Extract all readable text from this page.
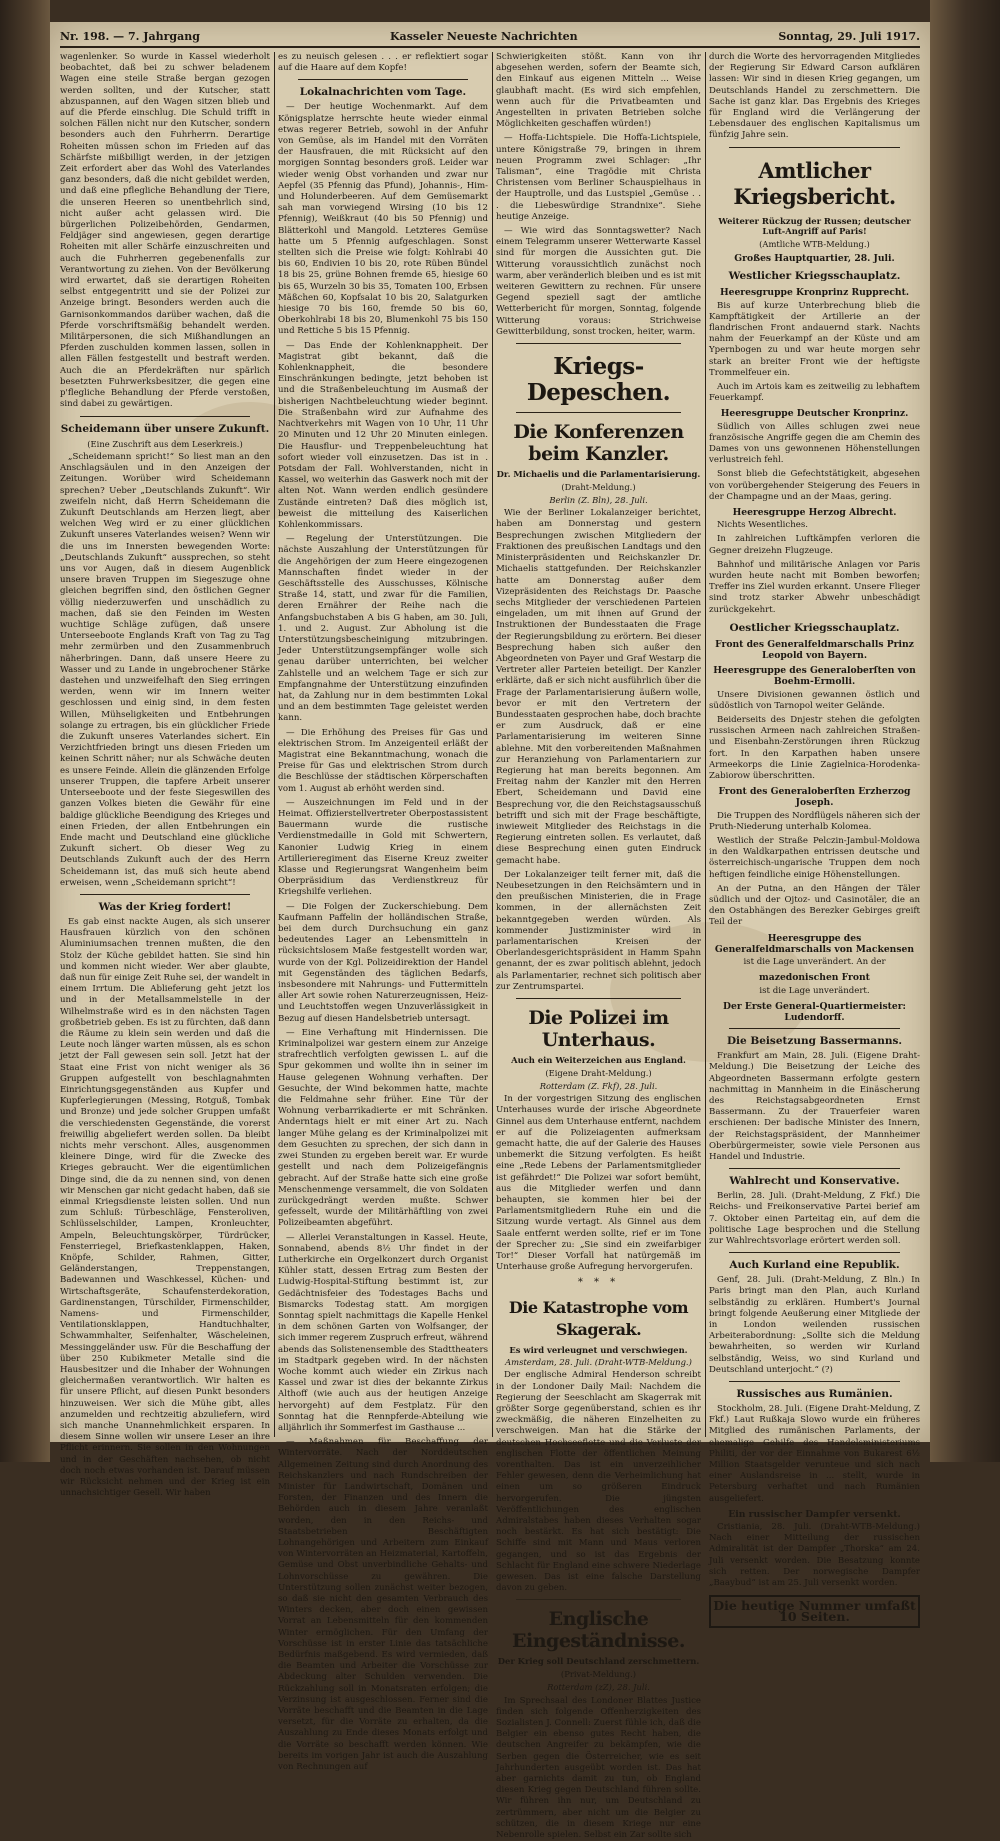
Nr. 198. — 7. Jahrgang	Kasseler Neueste Nachrichten	Sonntag, 29. Juli 1917.

wagenlenker. So wurde in Kassel wiederholt beobachtet, daß bei zu schwer beladenem Wagen eine steile Straße bergan gezogen werden sollten, und der Kutscher, statt abzuspannen, auf den Wagen sitzen blieb und auf die Pferde einschlug. Die Schuld trifft in solchen Fällen nicht nur den Kutscher, sondern besonders auch den Fuhrherrn. Derartige Roheiten müssen schon im Frieden auf das Schärfste mißbilligt werden, in der jetzigen Zeit erfordert aber das Wohl des Vaterlandes ganz besonders, daß die nicht gebildet werden, und daß eine pflegliche Behandlung der Tiere, die unseren Heeren so unentbehrlich sind, nicht außer acht gelassen wird. Die bürgerlichen Polizeibehörden, Gendarmen, Feldjäger sind angewiesen, gegen derartige Roheiten mit aller Schärfe einzuschreiten und auch die Fuhrherren gegebenenfalls zur Verantwortung zu ziehen. Von der Bevölkerung wird erwartet, daß sie derartigen Roheiten selbst entgegentritt und sie der Polizei zur Anzeige bringt. Besonders werden auch die Garnisonkommandos darüber wachen, daß die Pferde vorschriftsmäßig behandelt werden. Militärpersonen, die sich Mißhandlungen an Pferden zuschulden kommen lassen, sollen in allen Fällen festgestellt und bestraft werden. Auch die an Pferdekräften nur spärlich besetzten Fuhrwerksbesitzer, die gegen eine p'flegliche Behandlung der Pferde verstoßen, sind dabei zu gewärtigen.

Scheidemann über unsere Zukunft.
(Eine Zuschrift aus dem Leserkreis.)

„Scheidemann spricht!“ So liest man an den Anschlagsäulen und in den Anzeigen der Zeitungen. Worüber wird Scheidemann sprechen? Ueber „Deutschlands Zukunft“. Wir zweifeln nicht, daß Herrn Scheidemann die Zukunft Deutschlands am Herzen liegt, aber welchen Weg wird er zu einer glücklichen Zukunft unseres Vaterlandes weisen? Wenn wir die uns im Innersten bewegenden Worte: „Deutschlands Zukunft“ aussprechen, so steht uns vor Augen, daß in diesem Augenblick unsere braven Truppen im Siegeszuge ohne gleichen begriffen sind, den östlichen Gegner völlig niederzuwerfen und unschädlich zu machen, daß sie den Feinden im Westen wuchtige Schläge zufügen, daß unsere Unterseeboote Englands Kraft von Tag zu Tag mehr zermürben und den Zusammenbruch näherbringen. Dann, daß unsere Heere zu Wasser und zu Lande in ungebrochener Stärke dastehen und unzweifelhaft den Sieg erringen werden, wenn wir im Innern weiter geschlossen und einig sind, in dem festen Willen, Mühseligkeiten und Entbehrungen solange zu ertragen, bis ein glücklicher Friede die Zukunft unseres Vaterlandes sichert. Ein Verzichtfrieden bringt uns diesen Frieden um keinen Schritt näher; nur als Schwäche deuten es unsere Feinde. Allein die glänzenden Erfolge unserer Truppen, die tapfere Arbeit unserer Unterseeboote und der feste Siegeswillen des ganzen Volkes bieten die Gewähr für eine baldige glückliche Beendigung des Krieges und einen Frieden, der allen Entbehrungen ein Ende macht und Deutschland eine glückliche Zukunft sichert. Ob dieser Weg zu Deutschlands Zukunft auch der des Herrn Scheidemann ist, das muß sich heute abend erweisen, wenn „Scheidemann spricht“!

Was der Krieg fordert!

Es gab einst nackte Augen, als sich unserer Hausfrauen kürzlich von den schönen Aluminiumsachen trennen mußten, die den Stolz der Küche gebildet hatten. Sie sind hin und kommen nicht wieder. Wer aber glaubte, daß nun für einige Zeit Ruhe sei, der wandelt in einem Irrtum. Die Ablieferung geht jetzt los und in der Metallsammelstelle in der Wilhelmstraße wird es in den nächsten Tagen großbetrieb geben. Es ist zu fürchten, daß dann die Räume zu klein sein werden und daß die Leute noch länger warten müssen, als es schon jetzt der Fall gewesen sein soll. Jetzt hat der Staat eine Frist von nicht weniger als 36 Gruppen aufgestellt von beschlagnahmten Einrichtungsgegenständen aus Kupfer und Kupferlegierungen (Messing, Rotguß, Tombak und Bronze) und jede solcher Gruppen umfaßt die verschiedensten Gegenstände, die vorerst freiwillig abgeliefert werden sollen. Da bleibt nichts mehr verschont. Alles, ausgenommen kleinere Dinge, wird für die Zwecke des Krieges gebraucht. Wer die eigentümlichen Dinge sind, die da zu nennen sind, von denen wir Menschen gar nicht gedacht haben, daß sie einmal Kriegsdienste leisten sollen. Und nun zum Schluß: Türbeschläge, Fensteroliven, Schlüsselschilder, Lampen, Kronleuchter, Ampeln, Beleuchtungskörper, Türdrücker, Fensterriegel, Briefkastenklappen, Haken, Knöpfe, Schilder, Rahmen, Gitter, Geländerstangen, Treppenstangen, Badewannen und Waschkessel, Küchen- und Wirtschaftsgeräte, Schaufensterdekoration, Gardinenstangen, Türschilder, Firmenschilder, Namens- und Firmenschilder, Ventilationsklappen, Handtuchhalter, Schwammhalter, Seifenhalter, Wäscheleinen, Messinggeländer usw. Für die Beschaffung der über 250 Kubikmeter Metalle sind die Hausbesitzer und die Inhaber der Wohnungen gleichermaßen verantwortlich. Wir halten es für unsere Pflicht, auf diesen Punkt besonders hinzuweisen. Wer sich die Mühe gibt, alles anzumelden und rechtzeitig abzuliefern, wird sich manche Unannehmlichkeit ersparen. In diesem Sinne wollen wir unsere Leser an ihre Pflicht erinnern. Sie sollen in den Wohnungen und in der Geschäften nachsehen, ob nicht doch noch etwas vorhanden ist. Darauf müssen wir Rücksicht nehmen und der Krieg ist ein unnachsichtiger Gesell. Wir haben

es zu neuisch gelesen . . . er reflektiert sogar auf die Haare auf dem Kopfe!

Lokalnachrichten vom Tage.

— Der heutige Wochenmarkt. Auf dem Königsplatze herrschte heute wieder einmal etwas regerer Betrieb, sowohl in der Anfuhr von Gemüse, als im Handel mit den Vorräten der Hausfrauen, die mit Rücksicht auf den morgigen Sonntag besonders groß. Leider war wieder wenig Obst vorhanden und zwar nur Aepfel (35 Pfennig das Pfund), Johannis-, Him- und Holunderbeeren. Auf dem Gemüsemarkt sah man vorwiegend Wirsing (10 bis 12 Pfennig), Weißkraut (40 bis 50 Pfennig) und Blätterkohl und Mangold. Letzteres Gemüse hatte um 5 Pfennig aufgeschlagen. Sonst stellten sich die Preise wie folgt: Kohlrabi 40 bis 60, Endivien 10 bis 20, rote Rüben Bündel 18 bis 25, grüne Bohnen fremde 65, hiesige 60 bis 65, Wurzeln 30 bis 35, Tomaten 100, Erbsen Mäßchen 60, Kopfsalat 10 bis 20, Salatgurken hiesige 70 bis 160, fremde 50 bis 60, Oberkohlrabi 18 bis 20, Blumenkohl 75 bis 150 und Rettiche 5 bis 15 Pfennig.

— Das Ende der Kohlenknappheit. Der Magistrat gibt bekannt, daß die Kohlenknappheit, die besondere Einschränkungen bedingte, jetzt behoben ist und die Straßenbeleuchtung im Ausmaß der bisherigen Nachtbeleuchtung wieder beginnt. Die Straßenbahn wird zur Aufnahme des Nachtverkehrs mit Wagen von 10 Uhr, 11 Uhr 20 Minuten und 12 Uhr 20 Minuten einlegen. Die Hausflur- und Treppenbeleuchtung hat sofort wieder voll einzusetzen. Das ist in . Potsdam der Fall. Wohlverstanden, nicht in Kassel, wo weiterhin das Gaswerk noch mit der alten Not. Wann werden endlich gesündere Zustände eintreten? Daß dies möglich ist, beweist die mitteilung des Kaiserlichen Kohlenkommissars.

— Regelung der Unterstützungen. Die nächste Auszahlung der Unterstützungen für die Angehörigen der zum Heere eingezogenen Mannschaften findet wieder in der Geschäftsstelle des Ausschusses, Kölnische Straße 14, statt, und zwar für die Familien, deren Ernährer der Reihe nach die Anfangsbuchstaben A bis G haben, am 30. Juli, 1. und 2. August. Zur Abholung ist die Unterstützungsbescheinigung mitzubringen. Jeder Unterstützungsempfänger wolle sich genau darüber unterrichten, bei welcher Zahlstelle und an welchem Tage er sich zur Empfangnahme der Unterstützung einzufinden hat, da Zahlung nur in dem bestimmten Lokal und an dem bestimmten Tage geleistet werden kann.

— Die Erhöhung des Preises für Gas und elektrischen Strom. Im Anzeigenteil erläßt der Magistrat eine Bekanntmachung, wonach die Preise für Gas und elektrischen Strom durch die Beschlüsse der städtischen Körperschaften vom 1. August ab erhöht werden sind.

— Auszeichnungen im Feld und in der Heimat. Offizierstellvertreter Oberpostassistent Bauermann wurde die rustische Verdienstmedaille in Gold mit Schwertern, Kanonier Ludwig Krieg in einem Artillerieregiment das Eiserne Kreuz zweiter Klasse und Regierungsrat Wangenheim beim Oberpräsidium das Verdienstkreuz für Kriegshilfe verliehen.

— Die Folgen der Zuckerschiebung. Dem Kaufmann Paffelin der holländischen Straße, bei dem durch Durchsuchung ein ganz bedeutendes Lager an Lebensmitteln in rücksichtslosem Maße festgestellt worden war, wurde von der Kgl. Polizeidirektion der Handel mit Gegenständen des täglichen Bedarfs, insbesondere mit Nahrungs- und Futtermitteln aller Art sowie rohen Naturerzeugnissen, Heiz- und Leuchtstoffen wegen Unzuverlässigkeit in Bezug auf diesen Handelsbetrieb untersagt.

— Eine Verhaftung mit Hindernissen. Die Kriminalpolizei war gestern einem zur Anzeige strafrechtlich verfolgten gewissen L. auf die Spur gekommen und wollte ihn in seiner im Hause gelegenen Wohnung verhaften. Der Gesuchte, der Wind bekommen hatte, machte die Feldmahne sehr früher. Eine Tür der Wohnung verbarrikadierte er mit Schränken. Anderntags hielt er mit einer Art zu. Nach langer Mühe gelang es der Kriminalpolizei mit dem Gesuchten zu sprechen, der sich dann in zwei Stunden zu ergeben bereit war. Er wurde gestellt und nach dem Polizeigefängnis gebracht. Auf der Straße hatte sich eine große Menschenmenge versammelt, die von Soldaten zurückgedrängt werden mußte. Schwer gefesselt, wurde der Militärhäftling von zwei Polizeibeamten abgeführt.

— Allerlei Veranstaltungen in Kassel. Heute, Sonnabend, abends 8½ Uhr findet in der Lutherkirche ein Orgelkonzert durch Organist Kühler statt, dessen Ertrag zum Besten der Ludwig-Hospital-Stiftung bestimmt ist, zur Gedächtnisfeier des Todestages Bachs und Bismarcks Todestag statt. Am morgigen Sonntag spielt nachmittags die Kapelle Henkel in dem schönen Garten von Wolfsanger, der sich immer regerem Zuspruch erfreut, während abends das Solistenensemble des Stadttheaters im Stadtpark gegeben wird. In der nächsten Woche kommt auch wieder ein Zirkus nach Kassel und zwar ist dies der bekannte Zirkus Althoff (wie auch aus der heutigen Anzeige hervorgeht) auf dem Festplatz. Für den Sonntag hat die Rennpferde-Abteilung wie alljährlich ihr Sommerfest im Gasthause ...

— Maßnahmen für Beschaffung der Wintervorräte. Nach der Norddeutschen Allgemeinen Zeitung sind durch Anordnung des Reichskanzlers und nach Rundschreiben der Minister für Landwirtschaft, Domänen und Forsten, der Finanzen und des Innern die Behörden auch in diesem Jahre veranlaßt worden, den in den Reichs- und Staatsbetrieben Beschäftigten Lohnangehörigen und Arbeitern zum Einkauf von Wintervorräten an Heizmaterial, Kartoffeln, Gemüse und Obst unverbindliche Gehalts- und Lohnvorschüsse zu gewähren. Die Unterstützung sollen zunächst weiter bezogen, so daß sie nicht den gesamten Verbrauch des Winters decken, aber doch einen gewissen Vorrat an Lebensmitteln für den kommenden Winter ermöglichen. Für den Umfang der Vorschüsse ist in erster Linie das tatsächliche Bedürfnis maßgebend. Es wird vermieden, daß die Beamten und Arbeiter die Vorschüsse zur Abdeckung alter Schulden verwenden. Die Rückzahlung soll in Monatsraten erfolgen; die Verzinsung ist ausgeschlossen. Ferner sind die Vorräte beschafft und die Beamten in die Lage versetzt, für die Vorräte zu erhalten, da die Auszahlung zu Ende dieses Monats erfolgt und die Vorräte so beschafft werden können. Wie bereits im vorigen Jahr ist auch die Auszahlung von Rechnungen auf

Schwierigkeiten stößt. Kann von ihr abgesehen werden, sofern der Beamte sich, den Einkauf aus eigenen Mitteln ... Weise glaubhaft macht. (Es wird sich empfehlen, wenn auch für die Privatbeamten und Angestellten in privaten Betrieben solche Möglichkeiten geschaffen würden!)

— Hoffa-Lichtspiele. Die Hoffa-Lichtspiele, untere Königstraße 79, bringen in ihrem neuen Programm zwei Schlager: „Ihr Talisman“, eine Tragödie mit Christa Christensen vom Berliner Schauspielhaus in der Hauptrolle, und das Lustspiel „Gemüse . . . die Liebeswürdige Strandnixe“. Siehe heutige Anzeige.

— Wie wird das Sonntagswetter? Nach einem Telegramm unserer Wetterwarte Kassel sind für morgen die Aussichten gut. Die Witterung voraussichtlich zunächst noch warm, aber veränderlich bleiben und es ist mit weiteren Gewittern zu rechnen. Für unsere Gegend speziell sagt der amtliche Wetterbericht für morgen, Sonntag, folgende Witterung voraus: Strichweise Gewitterbildung, sonst trocken, heiter, warm.

Kriegs-Depeschen.
Die Konferenzen beim Kanzler.
Dr. Michaelis und die Parlamentarisierung.
(Draht-Meldung.)
Berlin (Z. Bln), 28. Juli.

Wie der Berliner Lokalanzeiger berichtet, haben am Donnerstag und gestern Besprechungen zwischen Mitgliedern der Fraktionen des preußischen Landtags und den Ministerpräsidenten und Reichskanzler Dr. Michaelis stattgefunden. Der Reichskanzler hatte am Donnerstag außer dem Vizepräsidenten des Reichstags Dr. Paasche sechs Mitglieder der verschiedenen Parteien eingeladen, um mit ihnen auf Grund der Instruktionen der Bundesstaaten die Frage der Regierungsbildung zu erörtern. Bei dieser Besprechung haben sich außer den Abgeordneten von Payer und Graf Westarp die Vertreter aller Parteien beteiligt. Der Kanzler erklärte, daß er sich nicht ausführlich über die Frage der Parlamentarisierung äußern wolle, bevor er mit den Vertretern der Bundesstaaten gesprochen habe, doch brachte er zum Ausdruck, daß er eine Parlamentarisierung im weiteren Sinne ablehne. Mit den vorbereitenden Maßnahmen zur Heranziehung von Parlamentariern zur Regierung hat man bereits begonnen. Am Freitag nahm der Kanzler mit den Herren Ebert, Scheidemann und David eine Besprechung vor, die den Reichstagsausschuß betrifft und sich mit der Frage beschäftigte, inwieweit Mitglieder des Reichstags in die Regierung eintreten sollen. Es verlautet, daß diese Besprechung einen guten Eindruck gemacht habe.

Der Lokalanzeiger teilt ferner mit, daß die Neubesetzungen in den Reichsämtern und in den preußischen Ministerien, die in Frage kommen, in der allernächsten Zeit bekanntgegeben werden würden. Als kommender Justizminister wird in parlamentarischen Kreisen der Oberlandesgerichtspräsident in Hamm Spahn genannt, der es zwar politisch ablehnt, jedoch als Parlamentarier, rechnet sich politisch aber zur Zentrumspartei.

Die Polizei im Unterhaus.
Auch ein Weiterzeichen aus England.
(Eigene Draht-Meldung.)
Rotterdam (Z. Fkf), 28. Juli.

In der vorgestrigen Sitzung des englischen Unterhauses wurde der irische Abgeordnete Ginnel aus dem Unterhause entfernt, nachdem er auf die Polizeiagenten aufmerksam gemacht hatte, die auf der Galerie des Hauses unbemerkt die Sitzung verfolgten. Es heißt eine „Rede Lebens der Parlamentsmitglieder ist gefährdet!“ Die Polizei war sofort bemüht, aus die Mitglieder werfen und dann behaupten, sie kommen hier bei der Parlamentsmitgliedern Ruhe ein und die Sitzung wurde vertagt. Als Ginnel aus dem Saale entfernt werden sollte, rief er im Tone der Sprecher zu: „Sie sind ein zweifarbiger Tor!“ Dieser Vorfall hat natürgemäß im Unterhause große Aufregung hervorgerufen.

* * *
Die Katastrophe vom Skagerak.
Es wird verleugnet und verschwiegen.
Amsterdam, 28. Juli. (Draht-WTB-Meldung.)

Der englische Admiral Henderson schreibt in der Londoner Daily Mail: Nachdem die Regierung der Seeschlacht am Skagerrak mit größter Sorge gegenüberstand, schien es ihr zweckmäßig, die näheren Einzelheiten zu verschweigen. Man hat die Stärke der deutschen Hochseeflotte und die Verluste der englischen Flotte der öffentlichen Meinung vorenthalten. Das ist ein unverzeihlicher Fehler gewesen, denn die Verheimlichung hat einen um so größeren Eindruck hervorgerufen. Die jüngsten Veröffentlichungen des englischen Admiralstabes haben dieses Verhalten sogar noch bestärkt. Es hat sich bestätigt: Die Schiffe sind mit Mann und Maus verloren gegangen, und so ist das Ergebnis der Schlacht für England eine schwere Niederlage gewesen. Das ist eine falsche Darstellung davon zu geben.

Englische Eingeständnisse.
Der Krieg soll Deutschland zerschmettern.
(Privat-Meldung.)
Rotterdam (zZ), 28. Juli.

Im Sprechsaal des Londoner Blattes Justice finden sich folgende Offenherzigkeiten des Sozialisten J. Connell: Zuerst fühle ich, daß die Belgier ein ebenso gutes Recht haben, die deutschen Angreifer zu bekämpfen, wie die Serben gegen die Österreicher, wie es seit Jahrhunderten ausgeübt worden ist. Das hat aber garnichts damit zu tun, ob England diesen Krieg gegen Deutschland führen sollte. Wir führen ihn nur, um Deutschland zu zertrümmern, aber nicht um die Belgier zu schützen, die in diesem Kriege nur eine Nebenrolle spielen. Selbst ein Zar sollte sich

durch die Worte des hervorragenden Mitgliedes der Regierung Sir Edward Carson aufklären lassen: Wir sind in diesen Krieg gegangen, um Deutschlands Handel zu zerschmettern. Die Sache ist ganz klar. Das Ergebnis des Krieges für England wird die Verlängerung der Lebensdauer des englischen Kapitalismus um fünfzig Jahre sein.

Amtlicher Kriegsbericht.
Weiterer Rückzug der Russen; deutscher Luft-Angriff auf Paris!
(Amtliche WTB-Meldung.)
Großes Hauptquartier, 28. Juli.
Westlicher Kriegsschauplatz.
Heeresgruppe Kronprinz Rupprecht.

Bis auf kurze Unterbrechung blieb die Kampftätigkeit der Artillerie an der flandrischen Front andauernd stark. Nachts nahm der Feuerkampf an der Küste und am Ypernbogen zu und war heute morgen sehr stark an breiter Front wie der heftigste Trommelfeuer ein.

Auch im Artois kam es zeitweilig zu lebhaftem Feuerkampf.

Heeresgruppe Deutscher Kronprinz.

Südlich von Ailles schlugen zwei neue französische Angriffe gegen die am Chemin des Dames von uns gewonnenen Höhenstellungen verlustreich fehl.

Sonst blieb die Gefechtstätigkeit, abgesehen von vorübergehender Steigerung des Feuers in der Champagne und an der Maas, gering.

Heeresgruppe Herzog Albrecht.

Nichts Wesentliches.

In zahlreichen Luftkämpfen verloren die Gegner dreizehn Flugzeuge.

Bahnhof und militärische Anlagen vor Paris wurden heute nacht mit Bomben beworfen; Treffer ins Ziel wurden erkannt. Unsere Flieger sind trotz starker Abwehr unbeschädigt zurückgekehrt.

Oestlicher Kriegsschauplatz.
Front des Generalfeldmarschalls Prinz Leopold von Bayern.
Heeresgruppe des Generaloberſten von Boehm-Ermolli.

Unsere Divisionen gewannen östlich und südöstlich von Tarnopol weiter Gelände.

Beiderseits des Dnjestr stehen die gefolgten russischen Armeen nach zahlreichen Straßen- und Eisenbahn-Zerstörungen ihren Rückzug fort. In den Karpathen haben unsere Armeekorps die Linie Zagielnica-Horodenka-Zabiorow überschritten.

Front des Generaloberſten Erzherzog Joseph.

Die Truppen des Nordflügels näheren sich der Pruth-Niederung unterhalb Kolomea.

Westlich der Straße Pelczin-Jambul-Moldowa in den Waldkarpathen entrissen deutsche und österreichisch-ungarische Truppen dem noch heftigen feindliche einige Höhenstellungen.

An der Putna, an den Hängen der Täler südlich und der Ojtoz- und Casinotäler, die an den Ostabhängen des Berezker Gebirges greift Teil der

Heeresgruppe des Generalfeldmarschalls von Mackensen

ist die Lage unverändert. An der

mazedonischen Front

ist die Lage unverändert.

Der Erste General-Quartiermeister: Ludendorff.
Die Beisetzung Bassermanns.

Frankfurt am Main, 28. Juli. (Eigene Draht-Meldung.) Die Beisetzung der Leiche des Abgeordneten Bassermann erfolgte gestern nachmittag in Mannheim in die Einäscherung des Reichstagsabgeordneten Ernst Bassermann. Zu der Trauerfeier waren erschienen: Der badische Minister des Innern, der Reichstagspräsident, der Mannheimer Oberbürgermeister, sowie viele Personen aus Handel und Industrie.

Wahlrecht und Konservative.

Berlin, 28. Juli. (Draht-Meldung, Z Fkf.) Die Reichs- und Freikonservative Partei berief am 7. Oktober einen Parteitag ein, auf dem die politische Lage besprochen und die Stellung zur Wahlrechtsvorlage erörtert werden soll.

Auch Kurland eine Republik.

Genf, 28. Juli. (Draht-Meldung, Z Bln.) In Paris bringt man den Plan, auch Kurland selbständig zu erklären. Humbert's Journal bringt folgende Aeußerung einer Mitgliede der in London weilenden russischen Arbeiterabordnung: „Sollte sich die Meldung bewahrheiten, so werden wir Kurland selbständig, Weiss, wo sind Kurland und Deutschland unterjocht.“ (?)

Russisches aus Rumänien.

Stockholm, 28. Juli. (Eigene Draht-Meldung, Z Fkf.) Laut Rußkaja Slowo wurde ein früheres Mitglied des rumänischen Parlaments, der ehemalige Gehilfe des Handelsministeriums Philiti, der vor der Einnahme von Bukarest 6½ Million Staatsgelder verunteue und sich nach einer Auslandsreise in ... stellt, wurde in Petersburg verhaftet und nach Rumänien ausgeliefert.

Ein russischer Dampfer versenkt.

Cristiania, 28. Juli. (Draht-WTB-Meldung.) Nach einer Mitteilung der russischen Admiralität ist der Dampfer „Thorska“ am 24. Juli versenkt worden. Die Besatzung konnte sich retten. Der norwegische Dampfer „Baaybud“ ist am 25. Juli versenkt worden.

Die heutige Nummer umfaßt 10 Seiten.
